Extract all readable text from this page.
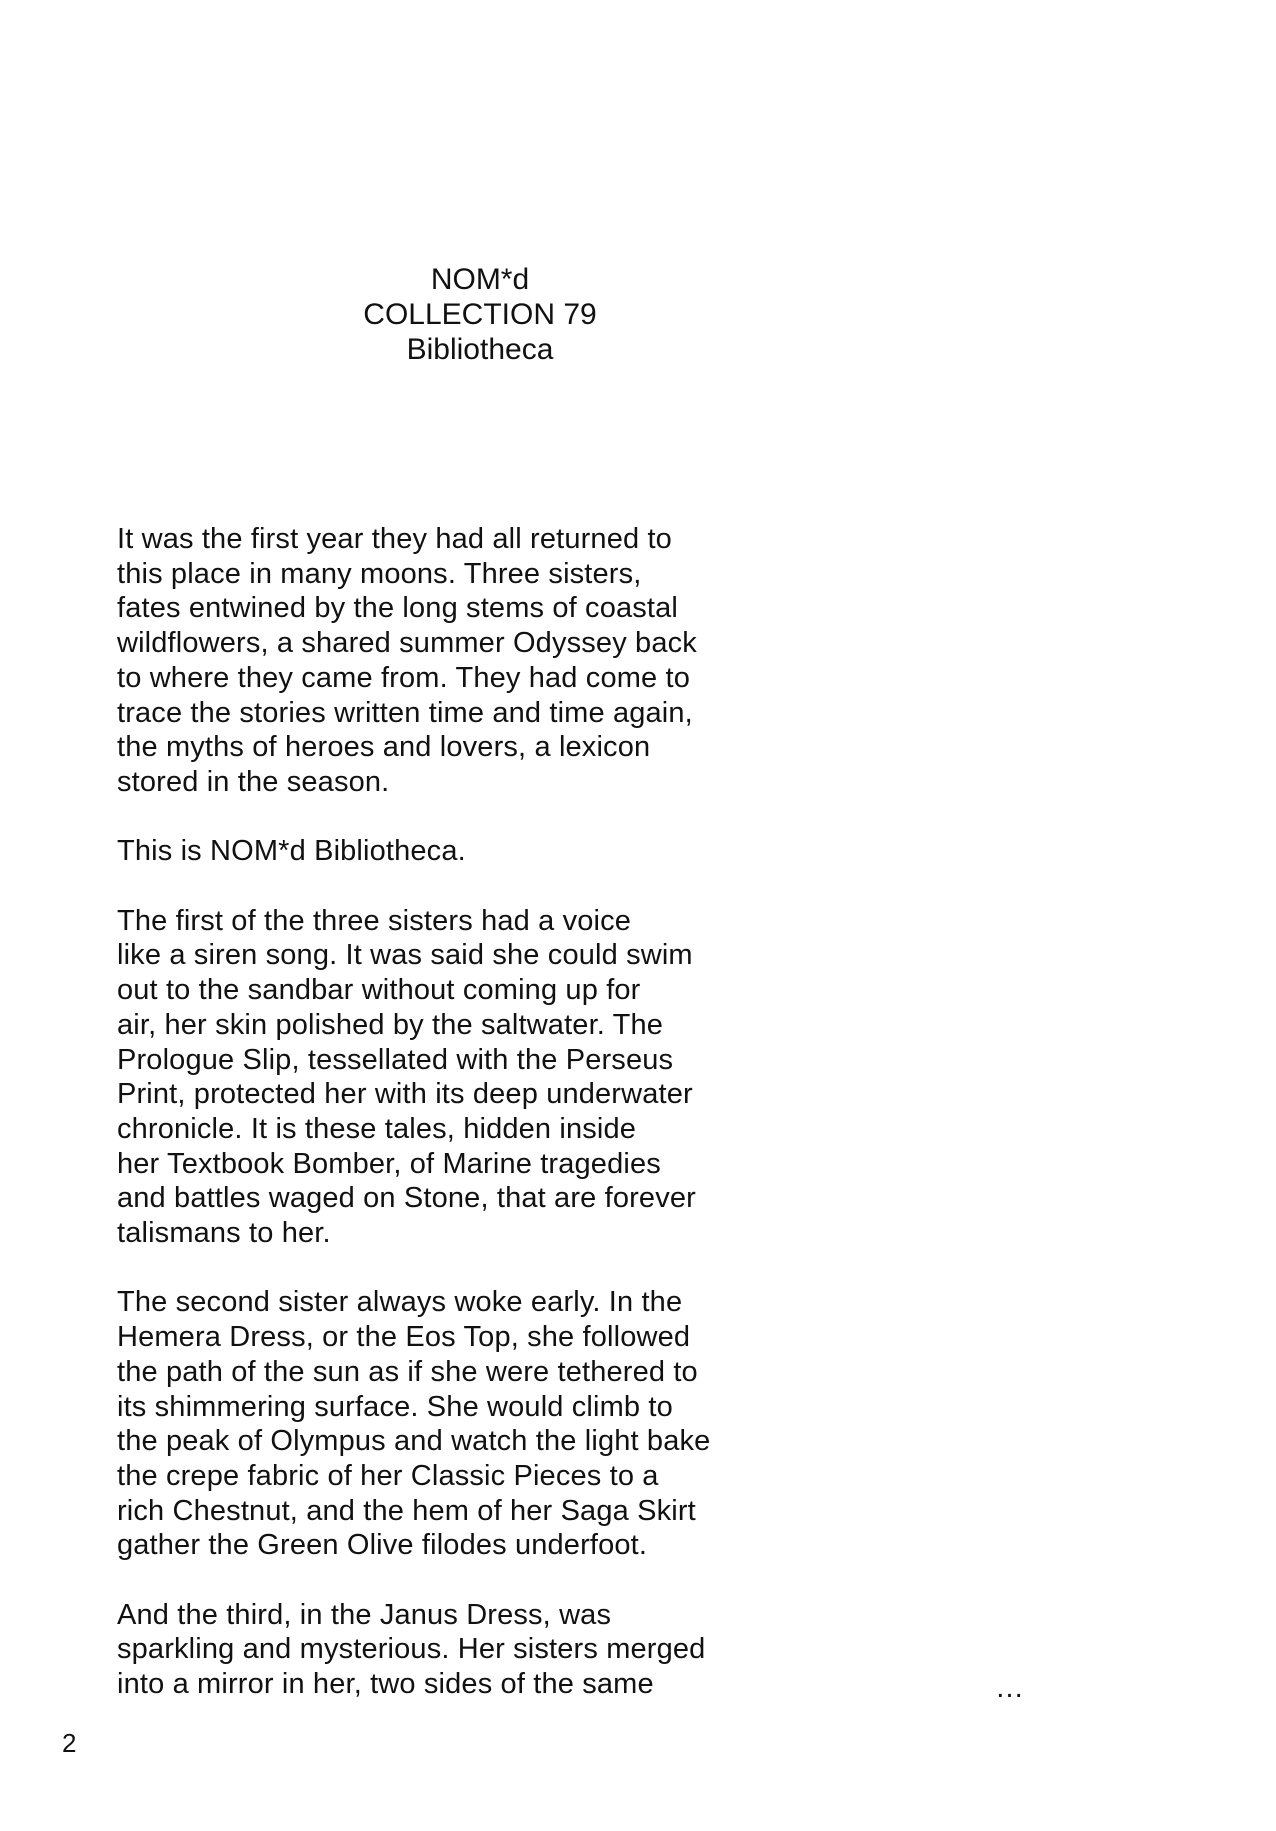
NOM*d
COLLECTION 79
Bibliotheca

It was the first year they had all returned to
this place in many moons. Three sisters,
fates entwined by the long stems of coastal
wildflowers, a shared summer Odyssey back
to where they came from. They had come to
trace the stories written time and time again,
the myths of heroes and lovers, a lexicon
stored in the season.

This is NOM*d Bibliotheca.

The first of the three sisters had a voice
like a siren song. It was said she could swim
out to the sandbar without coming up for
air, her skin polished by the saltwater. The
Prologue Slip, tessellated with the Perseus
Print, protected her with its deep underwater
chronicle. It is these tales, hidden inside
her Textbook Bomber, of Marine tragedies
and battles waged on Stone, that are forever
talismans to her.

The second sister always woke early. In the
Hemera Dress, or the Eos Top, she followed
the path of the sun as if she were tethered to
its shimmering surface. She would climb to
the peak of Olympus and watch the light bake
the crepe fabric of her Classic Pieces to a
rich Chestnut, and the hem of her Saga Skirt
gather the Green Olive filodes underfoot.

And the third, in the Janus Dress, was
sparkling and mysterious. Her sisters merged
into a mirror in her, two sides of the same	…
2
